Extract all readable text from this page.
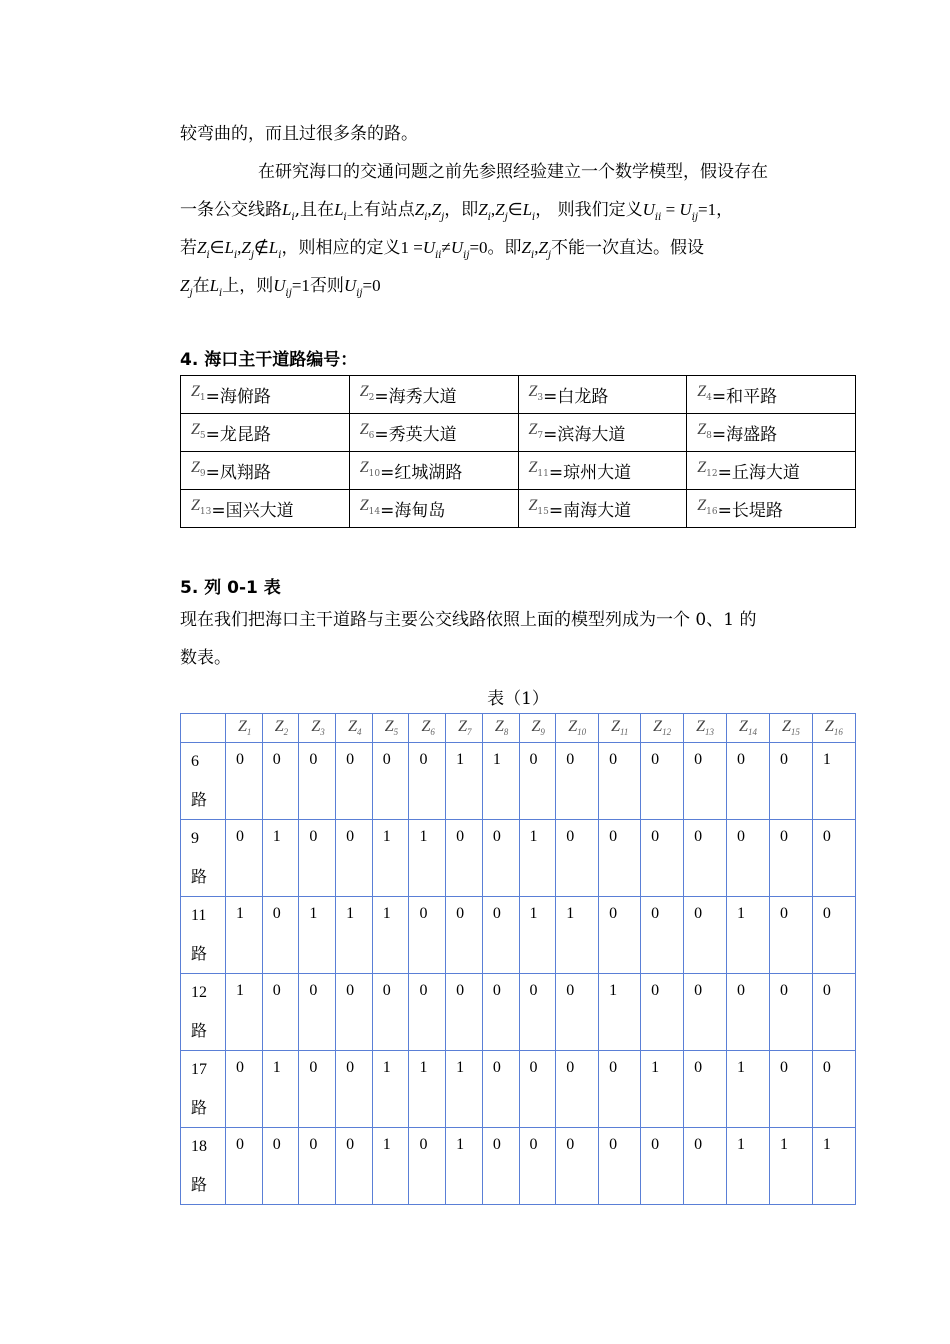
较弯曲的，而且过很多条的路。
在研究海口的交通问题之前先参照经验建立一个数学模型，假设存在
一条公交线路$L_i$,且在$L_i$上有站点$Z_i,Z_j$，即$Z_i,Z_j\in L_i$， 则我们定义$U_{ii} = U_{ij}=1$，
若$Z_i\in L_i,Z_j\notin L_i$，则相应的定义$1 =U_{ii}\ne U_{ij}=0$。即$Z_i,Z_j$不能一次直达。假设
$Z_j$在$L_i$上，则$U_{ij}=1$否则$U_{ij}=0$
4. 海口主干道路编号：
Z1=海俯路	Z2=海秀大道	Z3=白龙路	Z4=和平路
Z5=龙昆路	Z6=秀英大道	Z7=滨海大道	Z8=海盛路
Z9=凤翔路	Z10=红城湖路	Z11=琼州大道	Z12=丘海大道
Z13=国兴大道	Z14=海甸岛	Z15=南海大道	Z16=长堤路
5. 列 0-1 表
现在我们把海口主干道路与主要公交线路依照上面的模型列成为一个 0、1 的
数表。
表（1）
	$Z_1$	$Z_2$	$Z_3$	$Z_4$	$Z_5$	$Z_6$	$Z_7$	$Z_8$	$Z_9$	$Z_{10}$	$Z_{11}$	$Z_{12}$	$Z_{13}$	$Z_{14}$	$Z_{15}$	$Z_{16}$

6
路	0	0	0	0	0	0	1	1	0	0	0	0	0	0	0	1

9
路	0	1	0	0	1	1	0	0	1	0	0	0	0	0	0	0

11
路	1	0	1	1	1	0	0	0	1	1	0	0	0	1	0	0

12
路	1	0	0	0	0	0	0	0	0	0	1	0	0	0	0	0

17
路	0	1	0	0	1	1	1	0	0	0	0	1	0	1	0	0

18
路	0	0	0	0	1	0	1	0	0	0	0	0	0	1	1	1
